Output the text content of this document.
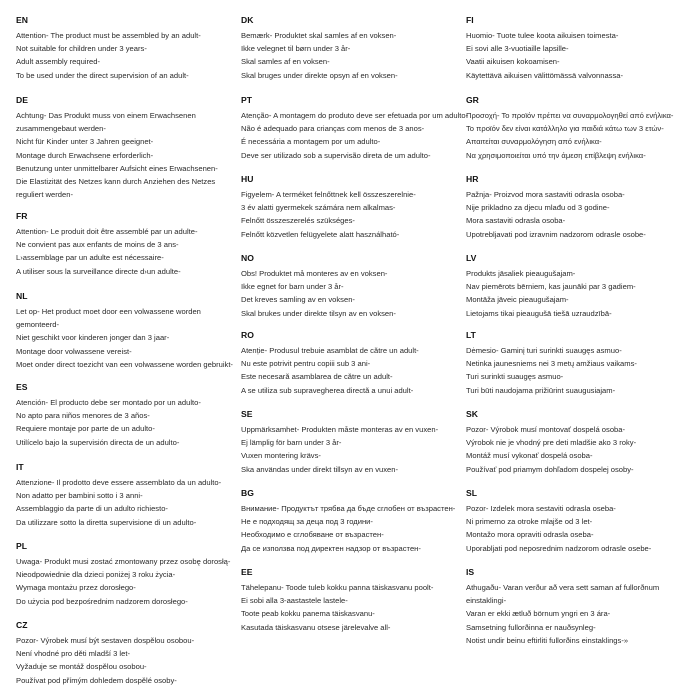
EN
Attention- The product must be assembled by an adult-
Not suitable for children under 3 years-
Adult assembly required-
To be used under the direct supervision of an adult-
DE
Achtung- Das Produkt muss von einem Erwachsenen zusammengebaut werden-
Nicht für Kinder unter 3 Jahren geeignet-
Montage durch Erwachsene erforderlich-
Benutzung unter unmittelbarer Aufsicht eines Erwachsenen-
Die Elastizität des Netzes kann durch Anziehen des Netzes reguliert werden-
FR
Attention- Le produit doit être assemblé par un adulte-
Ne convient pas aux enfants de moins de 3 ans-
L›assemblage par un adulte est nécessaire-
A utiliser sous la surveillance directe d›un adulte-
NL
Let op- Het product moet door een volwassene worden gemonteerd-
Niet geschikt voor kinderen jonger dan 3 jaar-
Montage door volwassene vereist-
Moet onder direct toezicht van een volwassene worden gebruikt-
ES
Atención- El producto debe ser montado por un adulto-
No apto para niños menores de 3 años-
Requiere montaje por parte de un adulto-
Utilícelo bajo la supervisión directa de un adulto-
IT
Attenzione- Il prodotto deve essere assemblato da un adulto-
Non adatto per bambini sotto i 3 anni-
Assemblaggio da parte di un adulto richiesto-
Da utilizzare sotto la diretta supervisione di un adulto-
PL
Uwaga- Produkt musi zostać zmontowany przez osobę dorosłą-
Nieodpowiednie dla dzieci poniżej 3 roku życia-
Wymaga montażu przez dorosłego-
Do użycia pod bezpośrednim nadzorem dorosłego-
CZ
Pozor- Výrobek musí být sestaven dospělou osobou-
Není vhodné pro děti mladší 3 let-
Vyžaduje se montáž dospělou osobou-
Používat pod přímým dohledem dospělé osoby-
DK
Bemærk- Produktet skal samles af en voksen-
Ikke velegnet til børn under 3 år-
Skal samles af en voksen-
Skal bruges under direkte opsyn af en voksen-
PT
Atenção- A montagem do produto deve ser efetuada por um adulto-
Não é adequado para crianças com menos de 3 anos-
É necessária a montagem por um adulto-
Deve ser utilizado sob a supervisão direta de um adulto-
HU
Figyelem- A terméket felnőttnek kell összeszerelnie-
3 év alatti gyermekek számára nem alkalmas-
Felnőtt összeszerelés szükséges-
Felnőtt közvetlen felügyelete alatt használható-
NO
Obs! Produktet må monteres av en voksen-
Ikke egnet for barn under 3 år-
Det kreves samling av en voksen-
Skal brukes under direkte tilsyn av en voksen-
RO
Atenție- Produsul trebuie asamblat de către un adult-
Nu este potrivit pentru copiii sub 3 ani-
Este necesară asamblarea de către un adult-
A se utiliza sub supravegherea directă a unui adult-
SE
Uppmärksamhet- Produkten måste monteras av en vuxen-
Ej lämplig för barn under 3 år-
Vuxen montering krävs-
Ska användas under direkt tillsyn av en vuxen-
BG
Внимание- Продуктът трябва да бъде сглобен от възрастен-
Не е подходящ за деца под 3 години-
Необходимо е сглобяване от възрастен-
Да се използва под директен надзор от възрастен-
EE
Tähelepanu- Toode tuleb kokku panna täiskasvanu poolt-
Ei sobi alla 3-aastastele lastele-
Toote peab kokku panema täiskasvanu-
Kasutada täiskasvanu otsese järelevalve all-
FI
Huomio- Tuote tulee koota aikuisen toimesta-
Ei sovi alle 3-vuotiaille lapsille-
Vaatii aikuisen kokoamisen-
Käytettävä aikuisen välittömässä valvonnassa-
GR
Προσοχή- Το προϊόν πρέπει να συναρμολογηθεί από ενήλικα-
Το προϊόν δεν είναι κατάλληλο για παιδιά κάτω των 3 ετών-
Απαιτείται συναρμολόγηση από ενήλικα-
Να χρησιμοποιείται υπό την άμεση επίβλεψη ενήλικα-
HR
Pažnja- Proizvod mora sastaviti odrasla osoba-
Nije prikladno za djecu mlađu od 3 godine-
Mora sastaviti odrasla osoba-
Upotrebljavati pod izravnim nadzorom odrasle osobe-
LV
Produkts jāsaliek pieaugušajam-
Nav piemērots bērniem, kas jaunāki par 3 gadiem-
Montāža jāveic pieaugušajam-
Lietojams tikai pieaugušā tiešā uzraudzībā-
LT
Dėmesio- Gaminį turi surinkti suaugęs asmuo-
Netinka jaunesniems nei 3 metų amžiaus vaikams-
Turi surinkti suaugęs asmuo-
Turi būti naudojama prižiūrint suaugusiajam-
SK
Pozor- Výrobok musí montovať dospelá osoba-
Výrobok nie je vhodný pre deti mladšie ako 3 roky-
Montáž musí vykonať dospelá osoba-
Používať pod priamym dohľadom dospelej osoby-
SL
Pozor- Izdelek mora sestaviti odrasla oseba-
Ni primerno za otroke mlajše od 3 let-
Montažo mora opraviti odrasla oseba-
Uporabljati pod neposrednim nadzorom odrasle osebe-
IS
Athugaðu- Varan verður að vera sett saman af fullorðnum einstaklingi-
Varan er ekki ætluð börnum yngri en 3 ára-
Samsetning fullorðinna er nauðsynleg-
Notist undir beinu eftirliti fullorðins einstaklings-»
